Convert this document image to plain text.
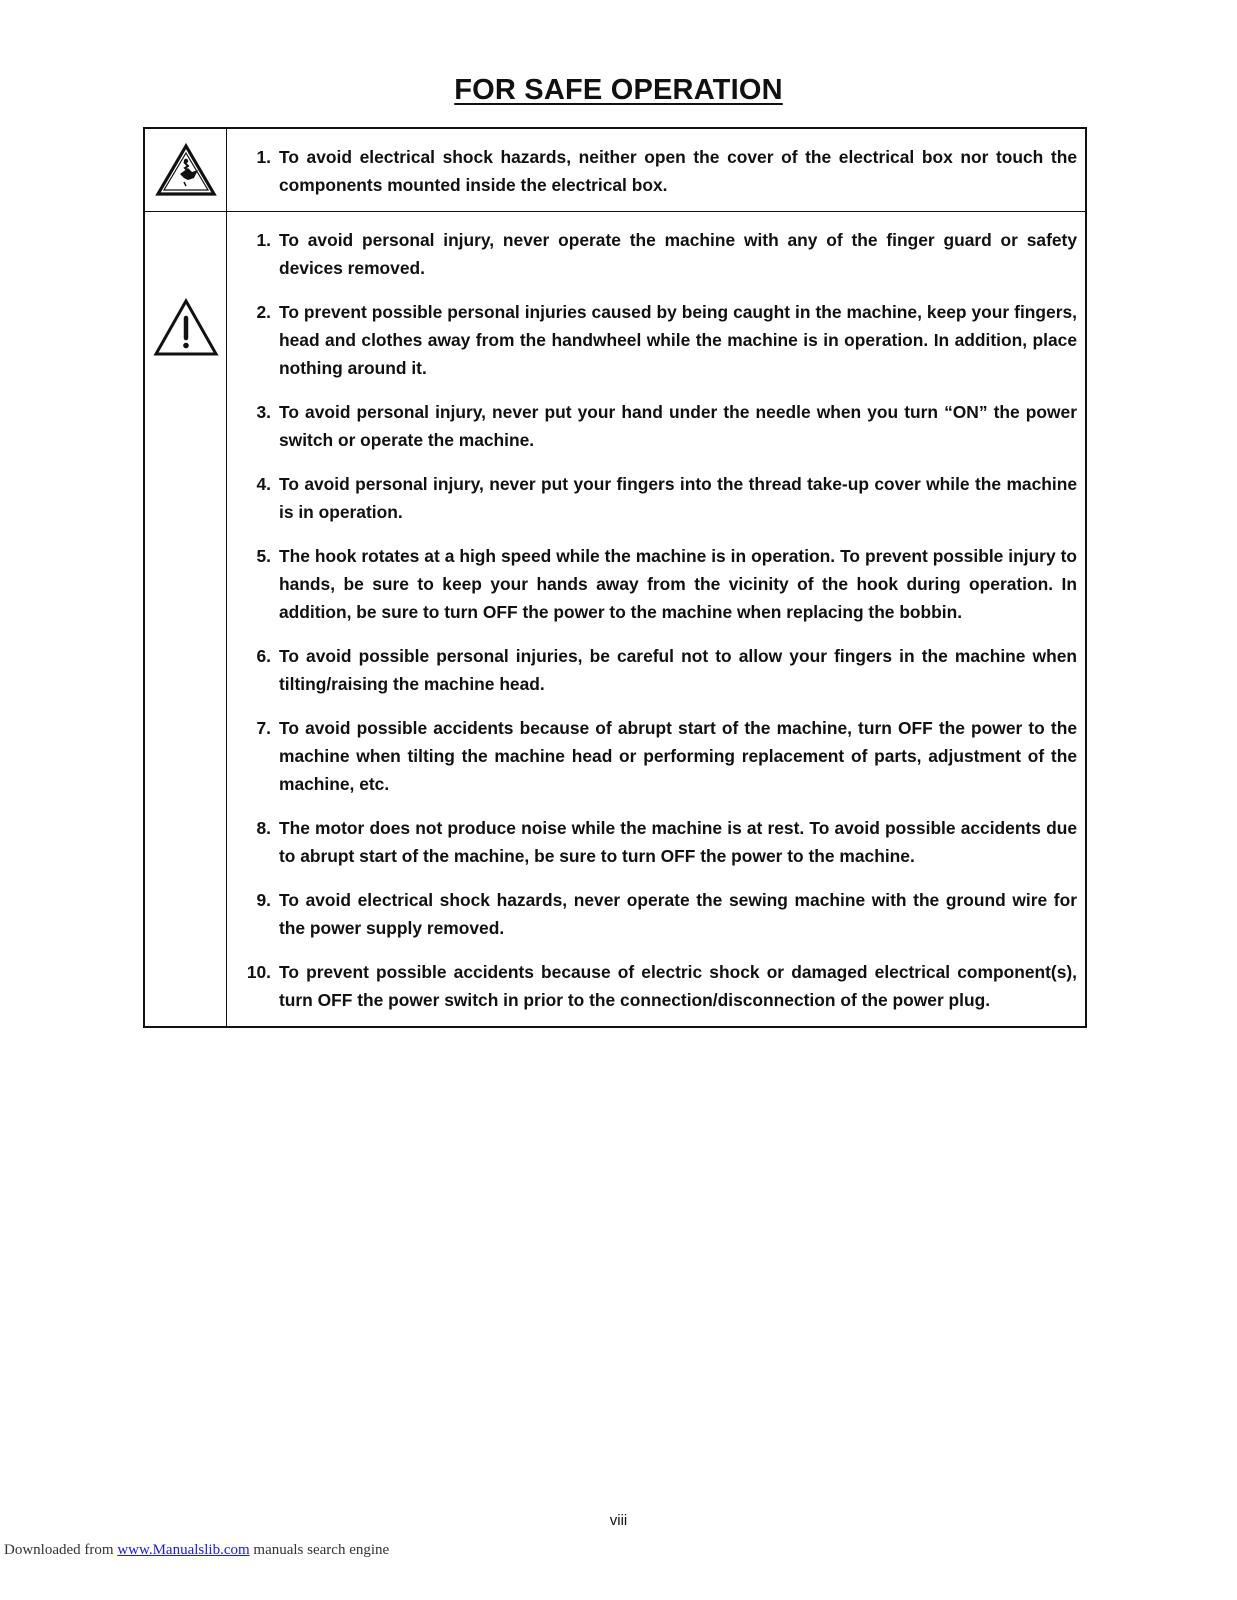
FOR SAFE OPERATION
1. To avoid electrical shock hazards, neither open the cover of the electrical box nor touch the components mounted inside the electrical box.
1. To avoid personal injury, never operate the machine with any of the finger guard or safety devices removed.
2. To prevent possible personal injuries caused by being caught in the machine, keep your fingers, head and clothes away from the handwheel while the machine is in operation. In addition, place nothing around it.
3. To avoid personal injury, never put your hand under the needle when you turn “ON” the power switch or operate the machine.
4. To avoid personal injury, never put your fingers into the thread take-up cover while the machine is in operation.
5. The hook rotates at a high speed while the machine is in operation. To prevent possible injury to hands, be sure to keep your hands away from the vicinity of the hook during operation. In addition, be sure to turn OFF the power to the machine when replacing the bobbin.
6. To avoid possible personal injuries, be careful not to allow your fingers in the machine when tilting/raising the machine head.
7. To avoid possible accidents because of abrupt start of the machine, turn OFF the power to the machine when tilting the machine head or performing replacement of parts, adjustment of the machine, etc.
8. The motor does not produce noise while the machine is at rest. To avoid possible accidents due to abrupt start of the machine, be sure to turn OFF the power to the machine.
9. To avoid electrical shock hazards, never operate the sewing machine with the ground wire for the power supply removed.
10. To prevent possible accidents because of electric shock or damaged electrical component(s), turn OFF the power switch in prior to the connection/disconnection of the power plug.
viii
Downloaded from www.Manualslib.com manuals search engine
